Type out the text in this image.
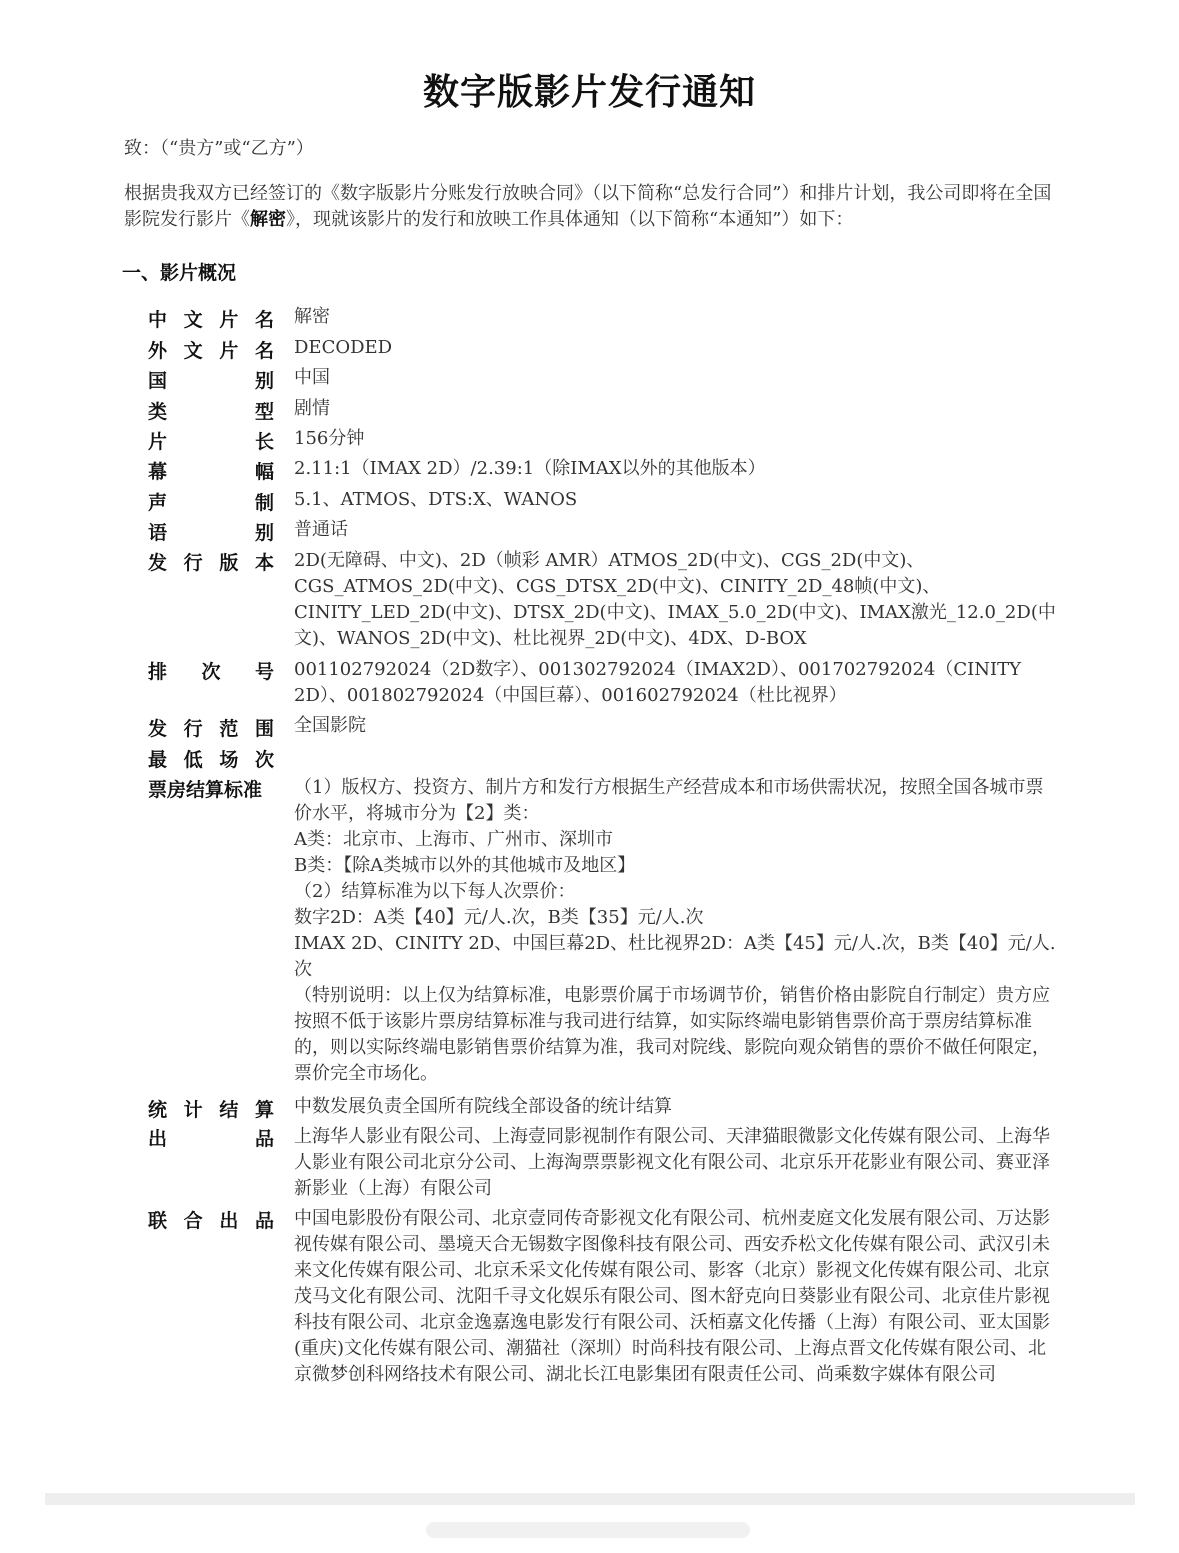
数字版影片发行通知
致：（“贵方”或“乙方”）
根据贵我双方已经签订的《数字版影片分账发行放映合同》（以下简称“总发行合同”）和排片计划，我公司即将在全国影院发行影片《解密》，现就该影片的发行和放映工作具体通知（以下简称“本通知”）如下：
一、影片概况
中 文 片 名 解密
外 文 片 名 DECODED
国	别 中国
类	型 剧情
片	长 156分钟
幕	幅 2.11:1（IMAX 2D）/2.39:1（除IMAX以外的其他版本）
声	制 5.1、ATMOS、DTS:X、WANOS
语	别 普通话
发 行 版 本 2D(无障碍、中文)、2D（帧彩 AMR）ATMOS_2D(中文)、CGS_2D(中文)、CGS_ATMOS_2D(中文)、CGS_DTSX_2D(中文)、CINITY_2D_48帧(中文)、CINITY_LED_2D(中文)、DTSX_2D(中文)、IMAX_5.0_2D(中文)、IMAX激光_12.0_2D(中文)、WANOS_2D(中文)、杜比视界_2D(中文)、4DX、D-BOX
排 次 号 001102792024（2D数字）、001302792024（IMAX2D）、001702792024（CINITY 2D）、001802792024（中国巨幕）、001602792024（杜比视界）
发 行 范 围 全国影院
最 低 场 次
票房结算标准	（1）版权方、投资方、制片方和发行方根据生产经营成本和市场供需状况，按照全国各城市票价水平，将城市分为【2】类：
A类：北京市、上海市、广州市、深圳市
B类：【除A类城市以外的其他城市及地区】
（2）结算标准为以下每人次票价：
数字2D：A类【40】元/人.次，B类【35】元/人.次
IMAX 2D、CINITY 2D、中国巨幕2D、杜比视界2D：A类【45】元/人.次，B类【40】元/人.次
（特别说明：以上仅为结算标准，电影票价属于市场调节价，销售价格由影院自行制定）贵方应按照不低于该影片票房结算标准与我司进行结算，如实际终端电影销售票价高于票房结算标准的，则以实际终端电影销售票价结算为准，我司对院线、影院向观众销售的票价不做任何限定，票价完全市场化。
统 计 结 算 中数发展负责全国所有院线全部设备的统计结算
出	品 上海华人影业有限公司、上海壹同影视制作有限公司、天津猫眼微影文化传媒有限公司、上海华人影业有限公司北京分公司、上海淘票票影视文化有限公司、北京乐开花影业有限公司、赛亚泽新影业（上海）有限公司
联 合 出 品 中国电影股份有限公司、北京壹同传奇影视文化有限公司、杭州麦庭文化发展有限公司、万达影视传媒有限公司、墨境天合无锡数字图像科技有限公司、西安乔松文化传媒有限公司、武汉引未来文化传媒有限公司、北京禾采文化传媒有限公司、影客（北京）影视文化传媒有限公司、北京茂马文化有限公司、沈阳千寻文化娱乐有限公司、图木舒克向日葵影业有限公司、北京佳片影视科技有限公司、北京金逸嘉逸电影发行有限公司、沃栢嘉文化传播（上海）有限公司、亚太国影(重庆)文化传媒有限公司、潮猫社（深圳）时尚科技有限公司、上海点晋文化传媒有限公司、北京微梦创科网络技术有限公司、湖北长江电影集团有限责任公司、尚乘数字媒体有限公司
